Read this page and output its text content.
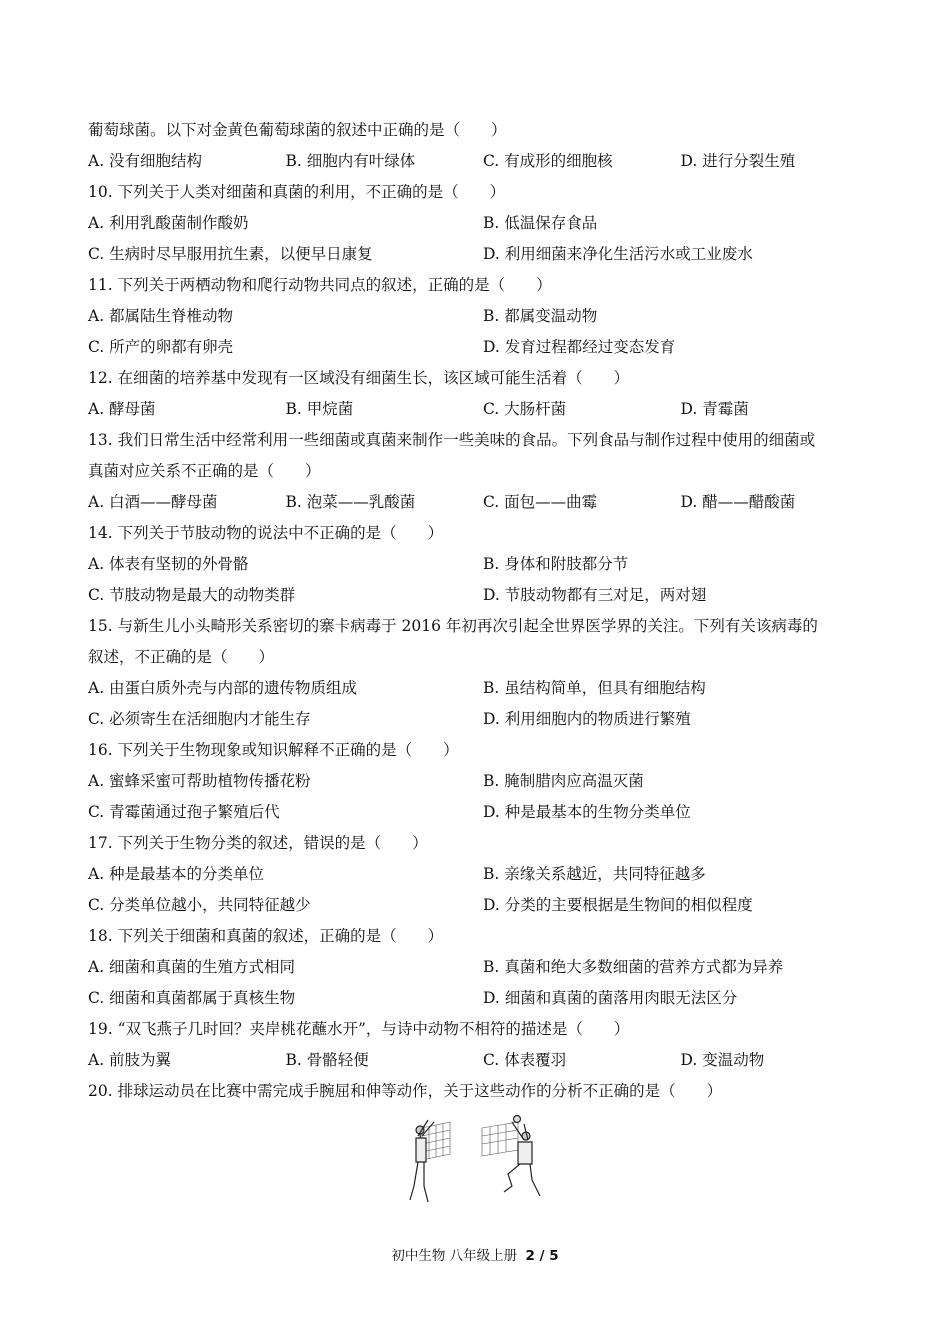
葡萄球菌。以下对金黄色葡萄球菌的叙述中正确的是（　　）
A. 没有细胞结构	B. 细胞内有叶绿体	C. 有成形的细胞核	D. 进行分裂生殖
10. 下列关于人类对细菌和真菌的利用，不正确的是（　　）
A. 利用乳酸菌制作酸奶	B. 低温保存食品
C. 生病时尽早服用抗生素，以便早日康复	D. 利用细菌来净化生活污水或工业废水
11. 下列关于两栖动物和爬行动物共同点的叙述，正确的是（　　）
A. 都属陆生脊椎动物	B. 都属变温动物
C. 所产的卵都有卵壳	D. 发育过程都经过变态发育
12. 在细菌的培养基中发现有一区域没有细菌生长，该区域可能生活着（　　）
A. 酵母菌	B. 甲烷菌	C. 大肠杆菌	D. 青霉菌
13. 我们日常生活中经常利用一些细菌或真菌来制作一些美味的食品。下列食品与制作过程中使用的细菌或
真菌对应关系不正确的是（　　）
A. 白酒——酵母菌	B. 泡菜——乳酸菌	C. 面包——曲霉	D. 醋——醋酸菌
14. 下列关于节肢动物的说法中不正确的是（　　）
A. 体表有坚韧的外骨骼	B. 身体和附肢都分节
C. 节肢动物是最大的动物类群	D. 节肢动物都有三对足，两对翅
15. 与新生儿小头畸形关系密切的寨卡病毒于 2016 年初再次引起全世界医学界的关注。下列有关该病毒的
叙述，不正确的是（　　）
A. 由蛋白质外壳与内部的遗传物质组成	B. 虽结构简单，但具有细胞结构
C. 必须寄生在活细胞内才能生存	D. 利用细胞内的物质进行繁殖
16. 下列关于生物现象或知识解释不正确的是（　　）
A. 蜜蜂采蜜可帮助植物传播花粉	B. 腌制腊肉应高温灭菌
C. 青霉菌通过孢子繁殖后代	D. 种是最基本的生物分类单位
17. 下列关于生物分类的叙述，错误的是（　　）
A. 种是最基本的分类单位	B. 亲缘关系越近，共同特征越多
C. 分类单位越小，共同特征越少	D. 分类的主要根据是生物间的相似程度
18. 下列关于细菌和真菌的叙述，正确的是（　　）
A. 细菌和真菌的生殖方式相同	B. 真菌和绝大多数细菌的营养方式都为异养
C. 细菌和真菌都属于真核生物	D. 细菌和真菌的菌落用肉眼无法区分
19. “双飞燕子几时回？夹岸桃花蘸水开”，与诗中动物不相符的描述是（　　）
A. 前肢为翼	B. 骨骼轻便	C. 体表覆羽	D. 变温动物
20. 排球运动员在比赛中需完成手腕屈和伸等动作，关于这些动作的分析不正确的是（　　）
初中生物 八年级上册 2 / 5
